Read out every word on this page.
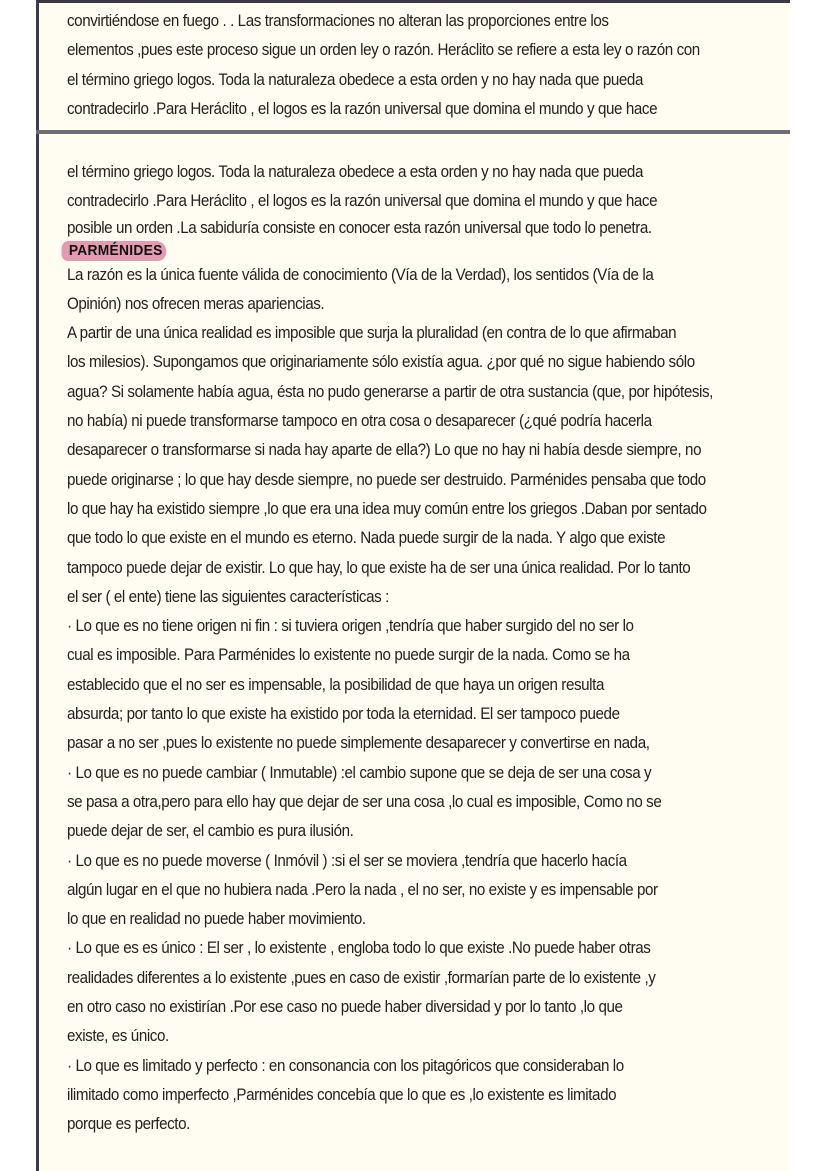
convirtiéndose en fuego . . Las transformaciones no alteran las proporciones entre los
elementos ,pues este proceso sigue un orden ley o razón. Heráclito se refiere a esta ley o razón con
el término griego logos. Toda la naturaleza obedece a esta orden y no hay nada que pueda
contradecirlo .Para Heráclito , el logos es la razón universal que domina el mundo y que hace
el término griego logos. Toda la naturaleza obedece a esta orden y no hay nada que pueda
contradecirlo .Para Heráclito , el logos es la razón universal que domina el mundo y que hace
posible un orden .La sabiduría consiste en conocer esta razón universal que todo lo penetra.
PARMÉNIDES
La razón es la única fuente válida de conocimiento (Vía de la Verdad), los sentidos (Vía de la
Opinión) nos ofrecen meras apariencias.
A partir de una única realidad es imposible que surja la pluralidad (en contra de lo que afirmaban
los milesios). Supongamos que originariamente sólo existía agua. ¿por qué no sigue habiendo sólo
agua? Si solamente había agua, ésta no pudo generarse a partir de otra sustancia (que, por hipótesis,
no había) ni puede transformarse tampoco en otra cosa o desaparecer (¿qué podría hacerla
desaparecer o transformarse si nada hay aparte de ella?) Lo que no hay ni había desde siempre, no
puede originarse ; lo que hay desde siempre, no puede ser destruido. Parménides pensaba que todo
lo que hay ha existido siempre ,lo que era una idea muy común entre los griegos .Daban por sentado
que todo lo que existe en el mundo es eterno. Nada puede surgir de la nada. Y algo que existe
tampoco puede dejar de existir. Lo que hay, lo que existe ha de ser una única realidad. Por lo tanto
el ser ( el ente) tiene las siguientes características :
· Lo que es no tiene origen ni fin : si tuviera origen ,tendría que haber surgido del no ser lo
cual es imposible. Para Parménides lo existente no puede surgir de la nada. Como se ha
establecido que el no ser es impensable, la posibilidad de que haya un origen resulta
absurda; por tanto lo que existe ha existido por toda la eternidad. El ser tampoco puede
pasar a no ser ,pues lo existente no puede simplemente desaparecer y convertirse en nada,
· Lo que es no puede cambiar ( Inmutable) :el cambio supone que se deja de ser una cosa y
se pasa a otra,pero para ello hay que dejar de ser una cosa ,lo cual es imposible, Como no se
puede dejar de ser, el cambio es pura ilusión.
· Lo que es no puede moverse ( Inmóvil ) :si el ser se moviera ,tendría que hacerlo hacía
algún lugar en el que no hubiera nada .Pero la nada , el no ser, no existe y es impensable por
lo que en realidad no puede haber movimiento.
· Lo que es es único : El ser , lo existente , engloba todo lo que existe .No puede haber otras
realidades diferentes a lo existente ,pues en caso de existir ,formarían parte de lo existente ,y
en otro caso no existirían .Por ese caso no puede haber diversidad y por lo tanto ,lo que
existe, es único.
· Lo que es limitado y perfecto : en consonancia con los pitagóricos que consideraban lo
ilimitado como imperfecto ,Parménides concebía que lo que es ,lo existente es limitado
porque es perfecto.
